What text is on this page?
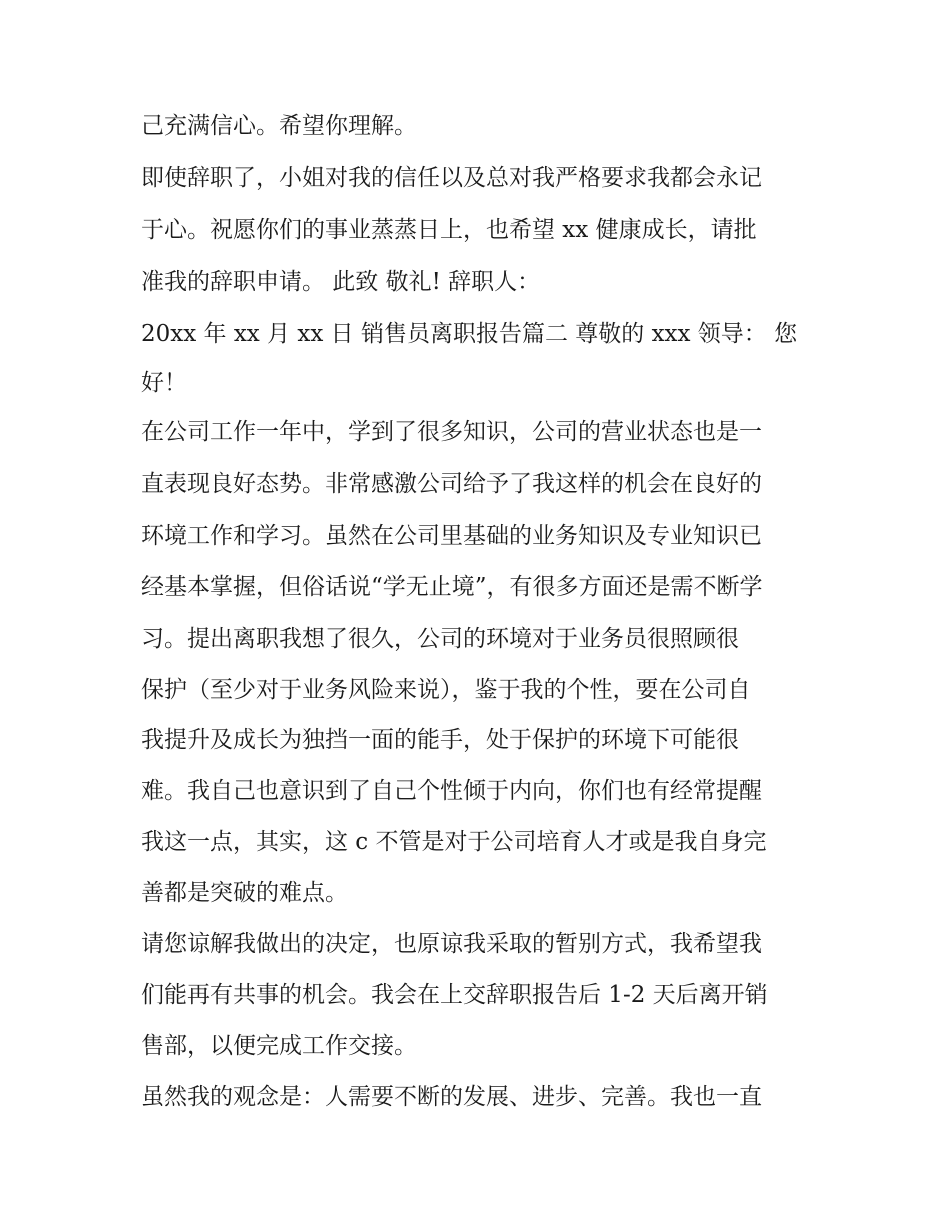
己充满信心。希望你理解。
即使辞职了，小姐对我的信任以及总对我严格要求我都会永记
于心。祝愿你们的事业蒸蒸日上，也希望 xx 健康成长，请批
准我的辞职申请。 此致 敬礼! 辞职人：
20xx 年 xx 月 xx 日 销售员离职报告篇二 尊敬的 xxx 领导： 您
好！
在公司工作一年中，学到了很多知识，公司的营业状态也是一
直表现良好态势。非常感激公司给予了我这样的机会在良好的
环境工作和学习。虽然在公司里基础的业务知识及专业知识已
经基本掌握，但俗话说“学无止境”，有很多方面还是需不断学
习。提出离职我想了很久，公司的环境对于业务员很照顾很
保护（至少对于业务风险来说），鉴于我的个性，要在公司自
我提升及成长为独挡一面的能手，处于保护的环境下可能很
难。我自己也意识到了自己个性倾于内向，你们也有经常提醒
我这一点，其实，这 c 不管是对于公司培育人才或是我自身完
善都是突破的难点。
请您谅解我做出的决定，也原谅我采取的暂别方式，我希望我
们能再有共事的机会。我会在上交辞职报告后 1-2 天后离开销
售部，以便完成工作交接。
虽然我的观念是：人需要不断的发展、进步、完善。我也一直
